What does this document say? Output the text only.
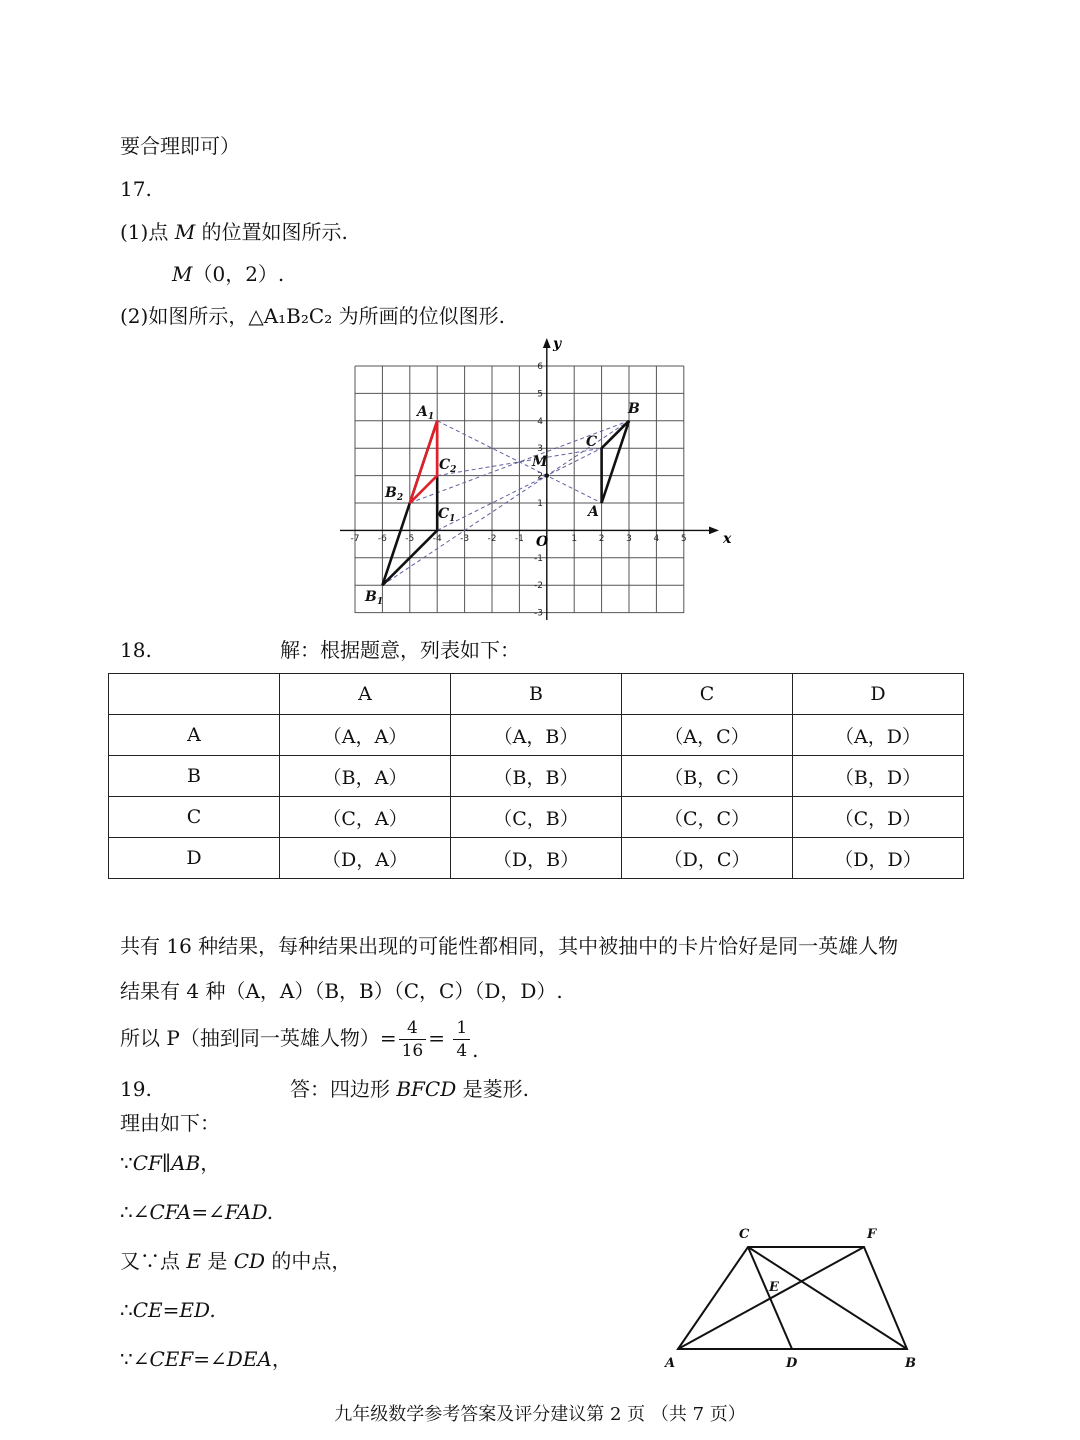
要合理即可）
17.
(1)点 M 的位置如图所示.
M（0，2）.
(2)如图所示，△A₁B₂C₂ 为所画的位似图形.
x
y
O
-7 -6 -5 -4 -3 -2 -1	1 2 3 4 5
6
5
4
3
2
1
-1
-2
-3
B
C
M
A
$A_1$
$C_2$
$B_2$
$C_1$
$B_1$
18.	解：根据题意，列表如下：
	A	B	C	D
A	（A，A）	（A，B）	（A，C）	（A，D）
B	（B，A）	（B，B）	（B，C）	（B，D）
C	（C，A）	（C，B）	（C，C）	（C，D）
D	（D，A）	（D，B）	（D，C）	（D，D）
共有 16 种结果，每种结果出现的可能性都相同，其中被抽中的卡片恰好是同一英雄人物
结果有 4 种（A，A）（B，B）（C，C）（D，D）.
所以 P（抽到同一英雄人物）= $\frac{4}{16} = \frac{1}{4}$ .
19.	答：四边形 BFCD 是菱形.
理由如下：
∵CF∥AB，
∴∠CFA=∠FAD.
又∵点 E 是 CD 的中点，
∴CE=ED.
∵∠CEF=∠DEA，
C	F
E
A	D	B
九年级数学参考答案及评分建议第 2 页 （共 7 页）
